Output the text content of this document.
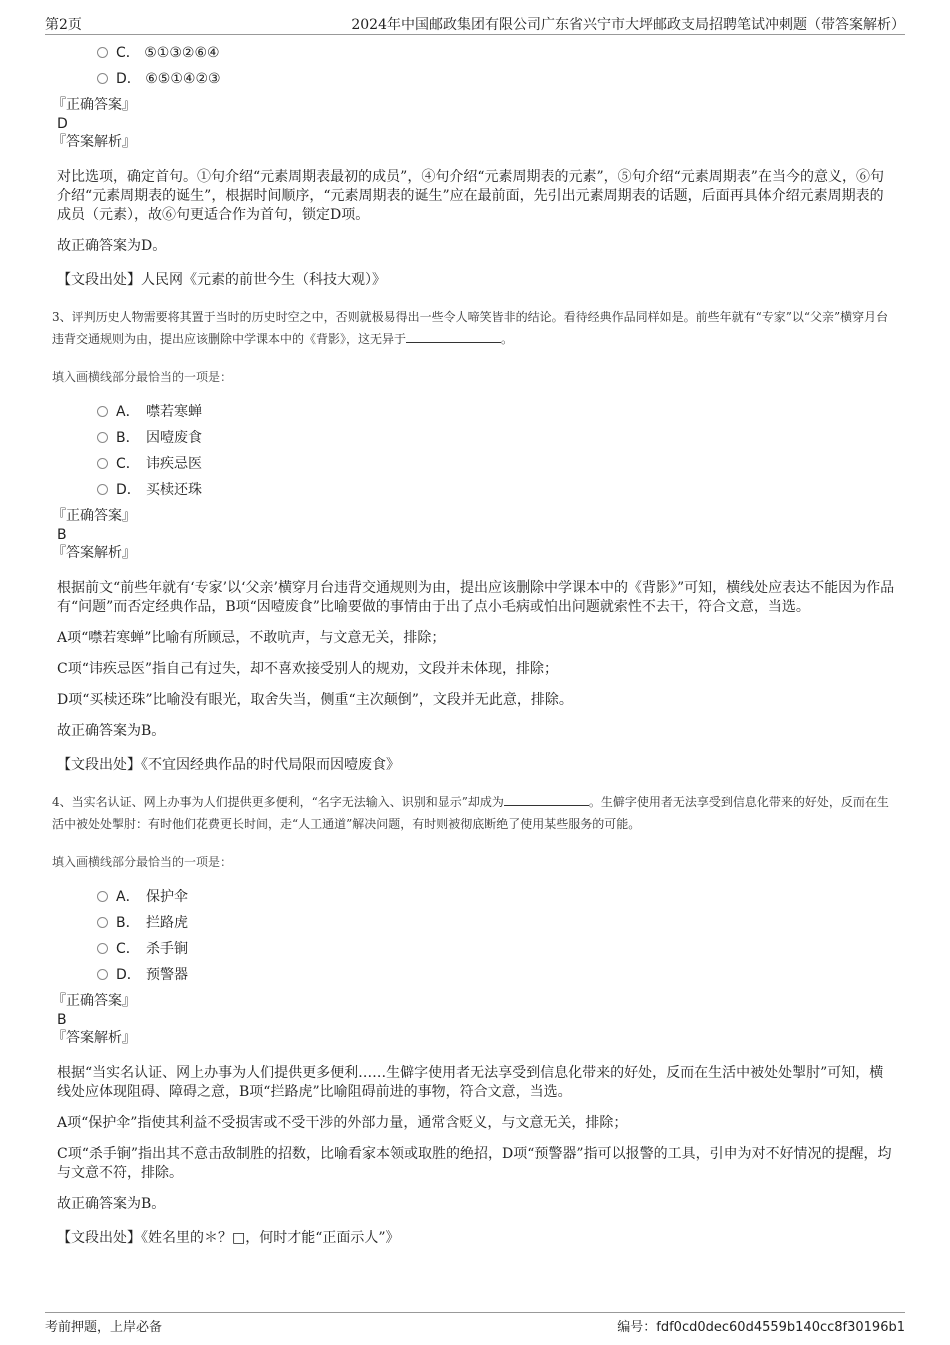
第2页	2024年中国邮政集团有限公司广东省兴宁市大坪邮政支局招聘笔试冲刺题（带答案解析）
C． ⑤①③②⑥④
D． ⑥⑤①④②③
『正确答案』
D
『答案解析』
对比选项，确定首句。①句介绍“元素周期表最初的成员”，④句介绍“元素周期表的元素”，⑤句介绍“元素周期表”在当今的意义，⑥句介绍“元素周期表的诞生”，根据时间顺序，“元素周期表的诞生”应在最前面，先引出元素周期表的话题，后面再具体介绍元素周期表的成员（元素），故⑥句更适合作为首句，锁定D项。
故正确答案为D。
【文段出处】人民网《元素的前世今生（科技大观）》
3、评判历史人物需要将其置于当时的历史时空之中，否则就极易得出一些令人啼笑皆非的结论。看待经典作品同样如是。前些年就有“专家”以“父亲”横穿月台违背交通规则为由，提出应该删除中学课本中的《背影》，这无异于	。
填入画横线部分最恰当的一项是：
A． 噤若寒蝉
B． 因噎废食
C． 讳疾忌医
D． 买椟还珠
『正确答案』
B
『答案解析』
根据前文“前些年就有‘专家’以‘父亲’横穿月台违背交通规则为由，提出应该删除中学课本中的《背影》”可知，横线处应表达不能因为作品有“问题”而否定经典作品，B项“因噎废食”比喻要做的事情由于出了点小毛病或怕出问题就索性不去干，符合文意，当选。
A项“噤若寒蝉”比喻有所顾忌，不敢吭声，与文意无关，排除；
C项“讳疾忌医”指自己有过失，却不喜欢接受别人的规劝，文段并未体现，排除；
D项“买椟还珠”比喻没有眼光，取舍失当，侧重“主次颠倒”，文段并无此意，排除。
故正确答案为B。
【文段出处】《不宜因经典作品的时代局限而因噎废食》
4、当实名认证、网上办事为人们提供更多便利，“名字无法输入、识别和显示”却成为	。生僻字使用者无法享受到信息化带来的好处，反而在生活中被处处掣肘：有时他们花费更长时间，走“人工通道”解决问题，有时则被彻底断绝了使用某些服务的可能。
填入画横线部分最恰当的一项是：
A． 保护伞
B． 拦路虎
C． 杀手锏
D． 预警器
『正确答案』
B
『答案解析』
根据“当实名认证、网上办事为人们提供更多便利……生僻字使用者无法享受到信息化带来的好处，反而在生活中被处处掣肘”可知，横线处应体现阻碍、障碍之意，B项“拦路虎”比喻阻碍前进的事物，符合文意，当选。
A项“保护伞”指使其利益不受损害或不受干涉的外部力量，通常含贬义，与文意无关，排除；
C项“杀手锏”指出其不意击敌制胜的招数，比喻看家本领或取胜的绝招，D项“预警器”指可以报警的工具，引申为对不好情况的提醒，均与文意不符，排除。
故正确答案为B。
【文段出处】《姓名里的＊？□，何时才能“正面示人”》
考前押题，上岸必备	编号：fdf0cd0dec60d4559b140cc8f30196b1
